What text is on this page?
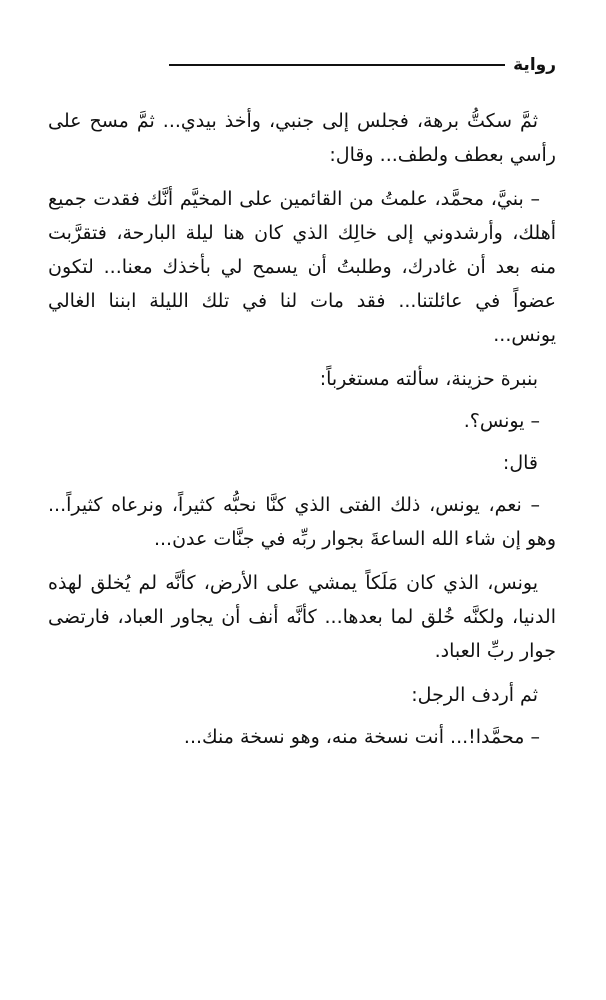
رواية

ثمَّ سكتُّ برهة، فجلس إلى جنبي، وأخذ بيدي... ثمَّ مسح على رأسي بعطف ولطف... وقال:

– بنيَّ، محمَّد، علمتُ من القائمين على المخيَّم أنَّك فقدت جميع أهلك، وأرشدوني إلى خالِك الذي كان هنا ليلة البارحة، فتقرَّبت منه بعد أن غادرك، وطلبتُ أن يسمح لي بأخذك معنا... لتكون عضواً في عائلتنا... فقد مات لنا في تلك الليلة ابننا الغالي يونس...

بنبرة حزينة، سألته مستغرباً:

– يونس؟.

قال:

– نعم، يونس، ذلك الفتى الذي كنَّا نحبُّه كثيراً، ونرعاه كثيراً... وهو إن شاء الله الساعةَ بجوار ربِّه في جنَّات عدن...

يونس، الذي كان مَلَكاً يمشي على الأرض، كأنَّه لم يُخلق لهذه الدنيا، ولكنَّه خُلق لما بعدها... كأنَّه أنف أن يجاور العباد، فارتضى جوار ربِّ العباد.

ثم أردف الرجل:

– محمَّدا!... أنت نسخة منه، وهو نسخة منك...
